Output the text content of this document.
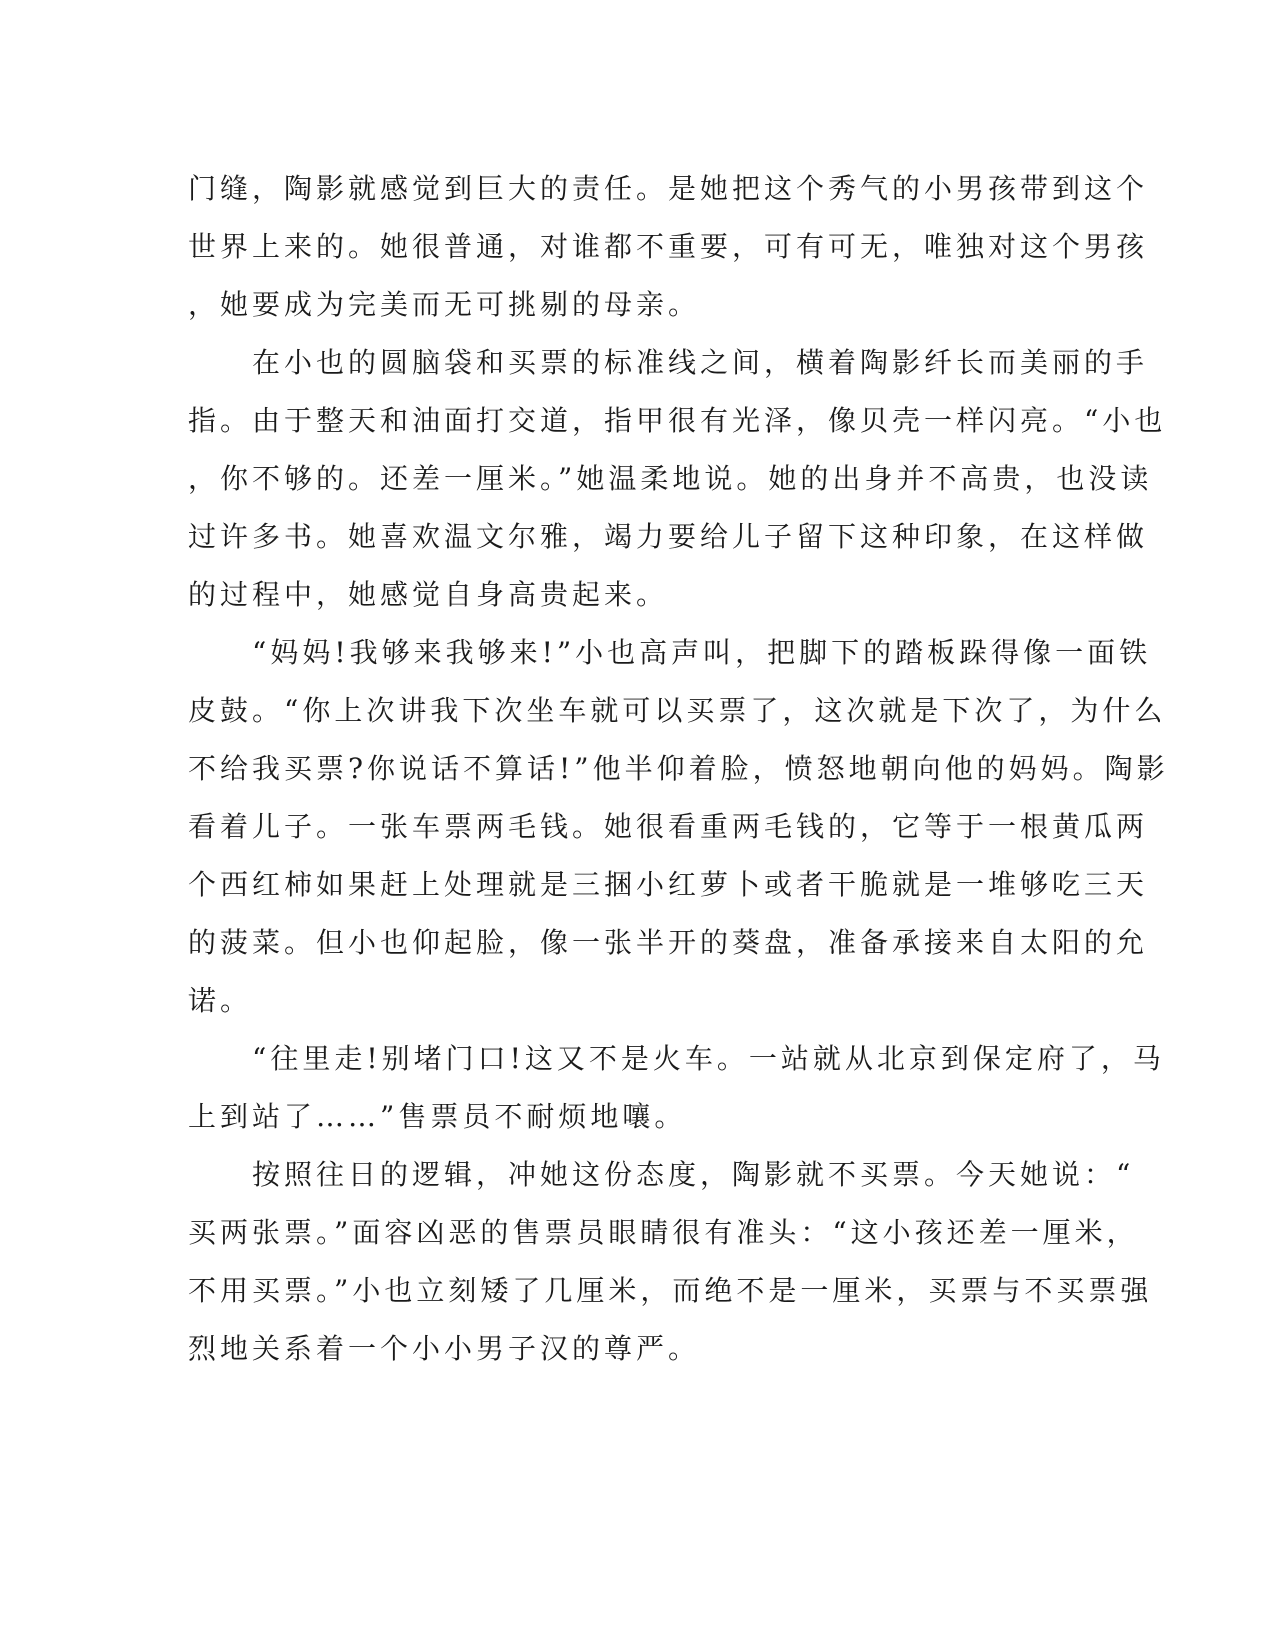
门缝，陶影就感觉到巨大的责任。是她把这个秀气的小男孩带到这个
世界上来的。她很普通，对谁都不重要，可有可无，唯独对这个男孩
，她要成为完美而无可挑剔的母亲。
　　在小也的圆脑袋和买票的标准线之间，横着陶影纤长而美丽的手
指。由于整天和油面打交道，指甲很有光泽，像贝壳一样闪亮。“小也
，你不够的。还差一厘米。”她温柔地说。她的出身并不高贵，也没读
过许多书。她喜欢温文尔雅，竭力要给儿子留下这种印象，在这样做
的过程中，她感觉自身高贵起来。
　　“妈妈!我够来我够来!”小也高声叫，把脚下的踏板跺得像一面铁
皮鼓。“你上次讲我下次坐车就可以买票了，这次就是下次了，为什么
不给我买票?你说话不算话!”他半仰着脸，愤怒地朝向他的妈妈。陶影
看着儿子。一张车票两毛钱。她很看重两毛钱的，它等于一根黄瓜两
个西红柿如果赶上处理就是三捆小红萝卜或者干脆就是一堆够吃三天
的菠菜。但小也仰起脸，像一张半开的葵盘，准备承接来自太阳的允
诺。
　　“往里走!别堵门口!这又不是火车。一站就从北京到保定府了，马
上到站了……”售票员不耐烦地嚷。
　　按照往日的逻辑，冲她这份态度，陶影就不买票。今天她说：“
买两张票。”面容凶恶的售票员眼睛很有准头：“这小孩还差一厘米，
不用买票。”小也立刻矮了几厘米，而绝不是一厘米，买票与不买票强
烈地关系着一个小小男子汉的尊严。
